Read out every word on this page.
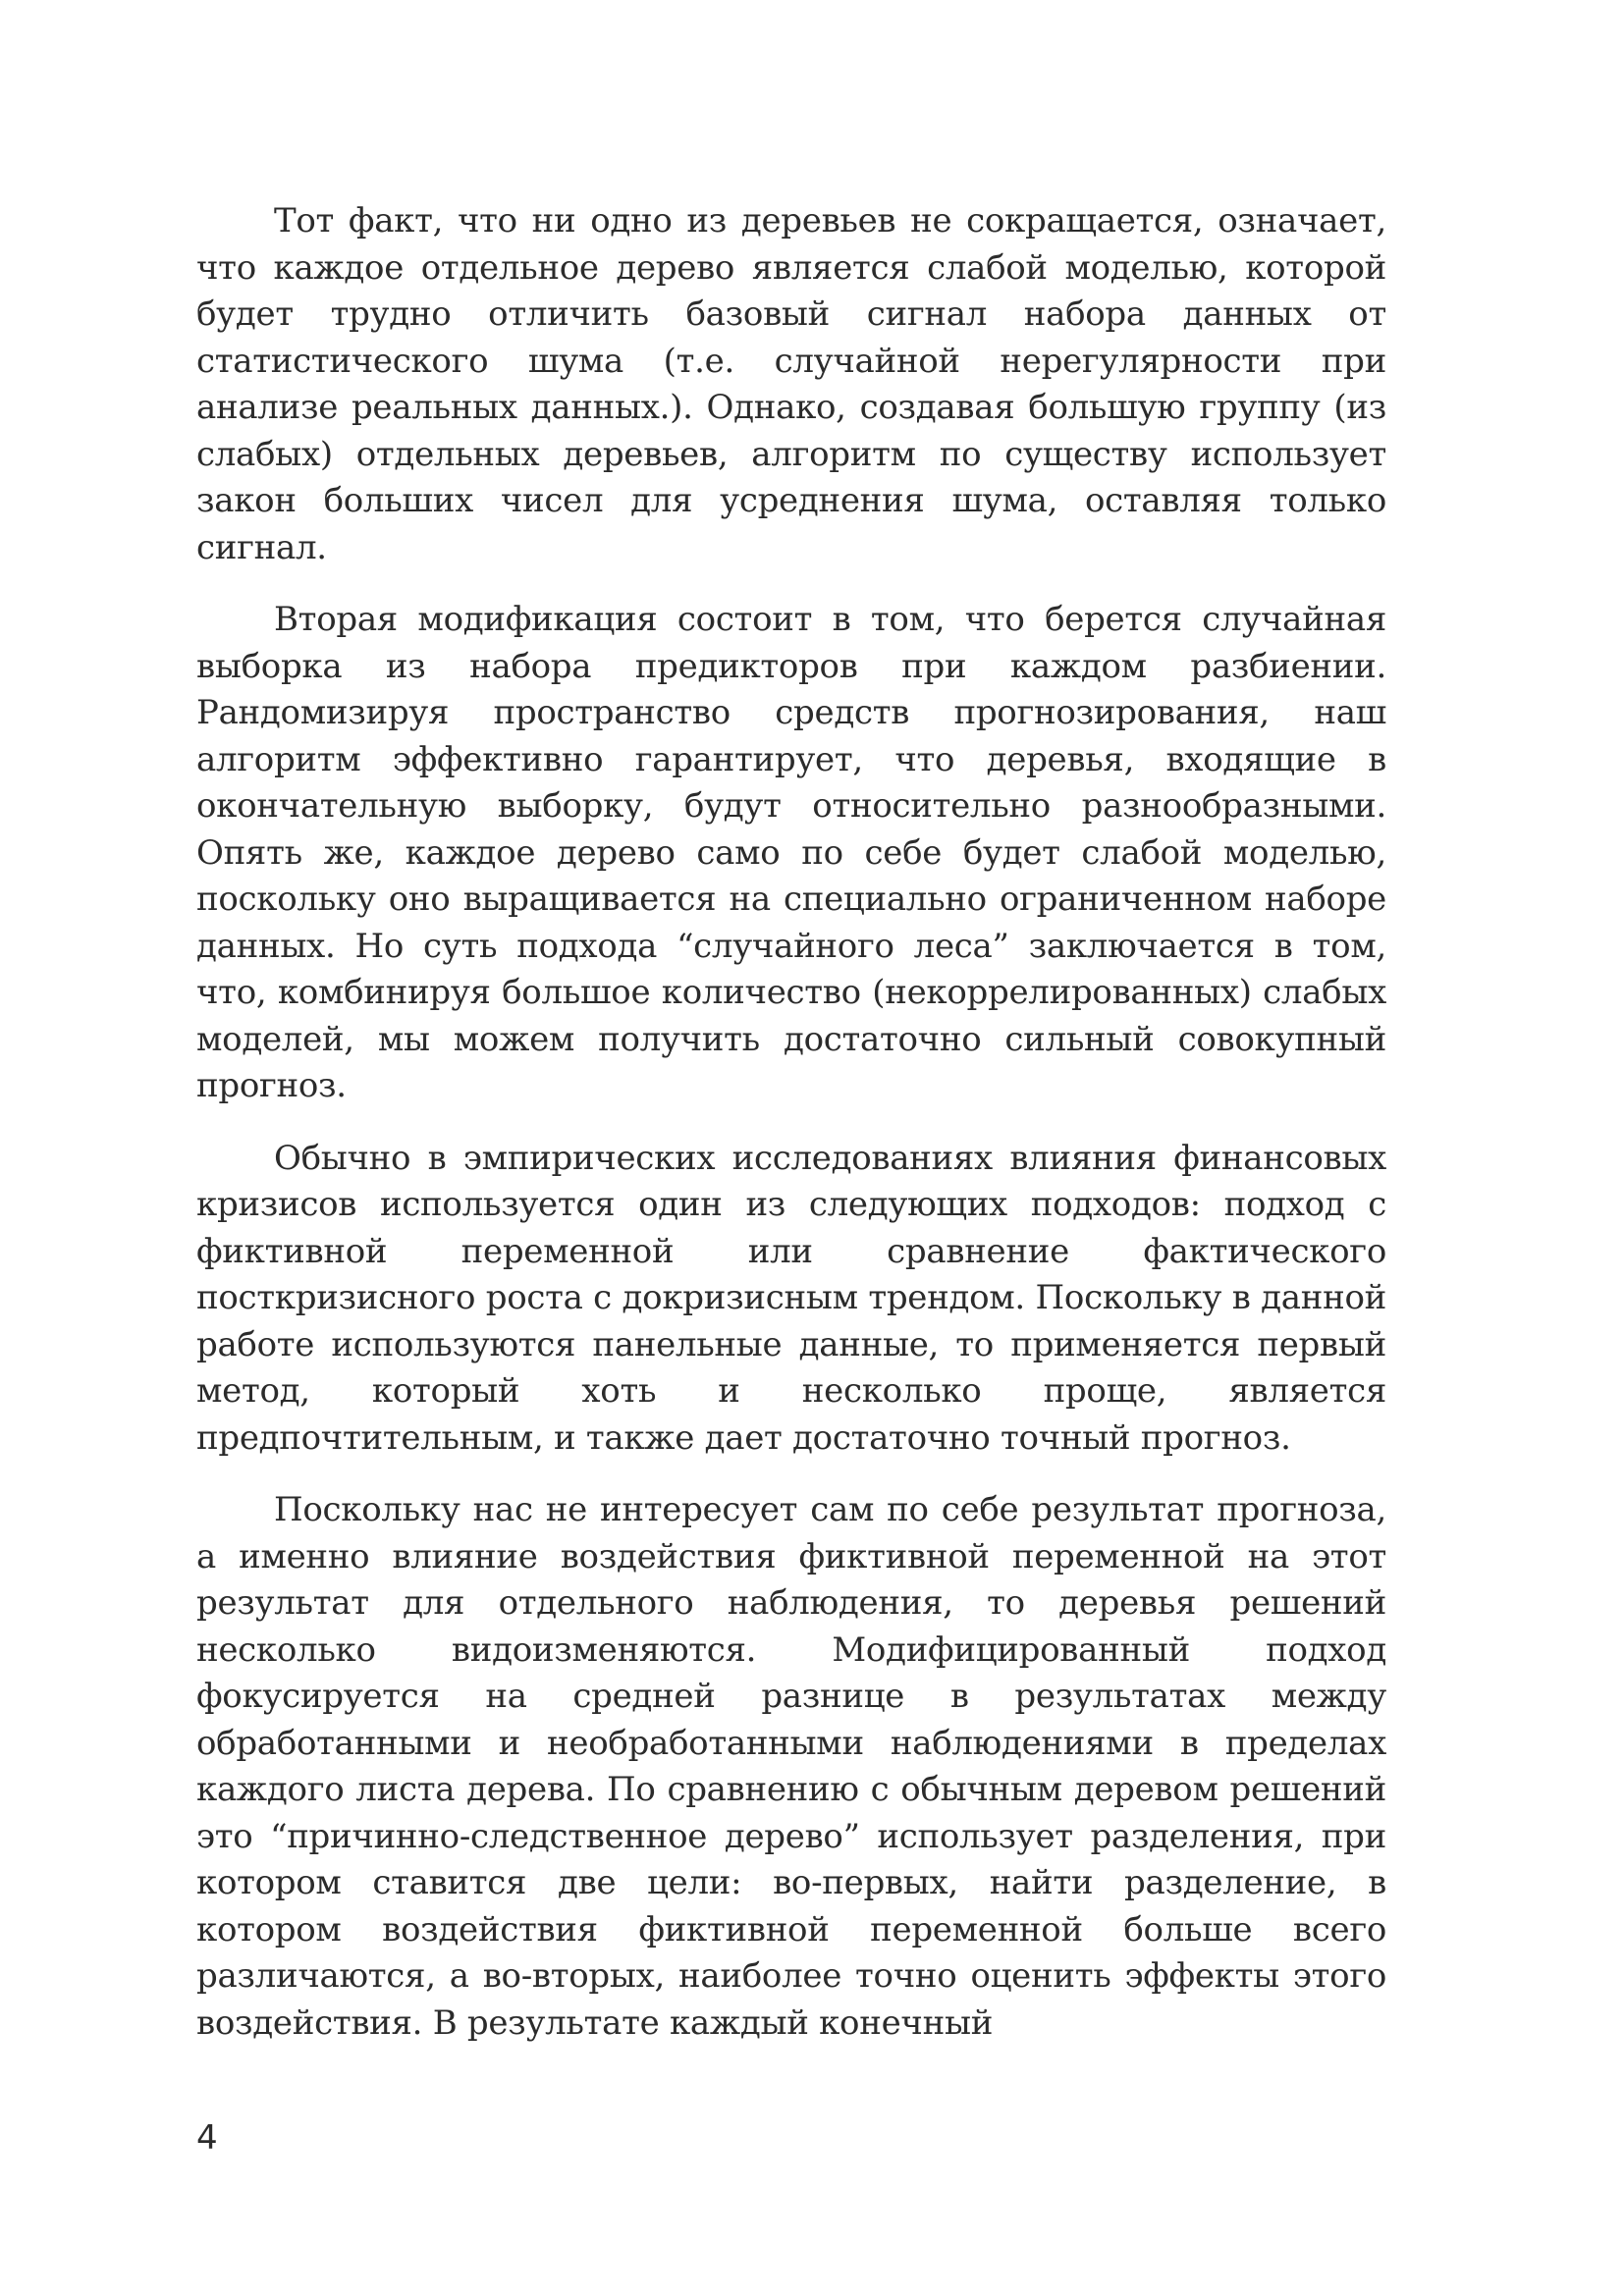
Тот факт, что ни одно из деревьев не сокращается, означает, что каждое отдельное дерево является слабой моделью, которой будет трудно отличить базовый сигнал набора данных от статистического шума (т.е. случайной нерегулярности при анализе реальных данных.). Однако, создавая большую группу (из слабых) отдельных деревьев, алгоритм по существу использует закон больших чисел для усреднения шума, оставляя только сигнал.

Вторая модификация состоит в том, что берется случайная выборка из набора предикторов при каждом разбиении. Рандомизируя пространство средств прогнозирования, наш алгоритм эффективно гарантирует, что деревья, входящие в окончательную выборку, будут относительно разнообразными. Опять же, каждое дерево само по себе будет слабой моделью, поскольку оно выращивается на специально ограниченном наборе данных. Но суть подхода “случайного леса” заключается в том, что, комбинируя большое количество (некоррелированных) слабых моделей, мы можем получить достаточно сильный совокупный прогноз.

Обычно в эмпирических исследованиях влияния финансовых кризисов используется один из следующих подходов: подход с фиктивной переменной или сравнение фактического посткризисного роста с докризисным трендом. Поскольку в данной работе используются панельные данные, то применяется первый метод, который хоть и несколько проще, является предпочтительным, и также дает достаточно точный прогноз.

Поскольку нас не интересует сам по себе результат прогноза, а именно влияние воздействия фиктивной переменной на этот результат для отдельного наблюдения, то деревья решений несколько видоизменяются. Модифицированный подход фокусируется на средней разнице в результатах между обработанными и необработанными наблюдениями в пределах каждого листа дерева. По сравнению с обычным деревом решений это “причинно-следственное дерево” использует разделения, при котором ставится две цели: во-первых, найти разделение, в котором воздействия фиктивной переменной больше всего различаются, а во-вторых, наиболее точно оценить эффекты этого воздействия. В результате каждый конечный

4
